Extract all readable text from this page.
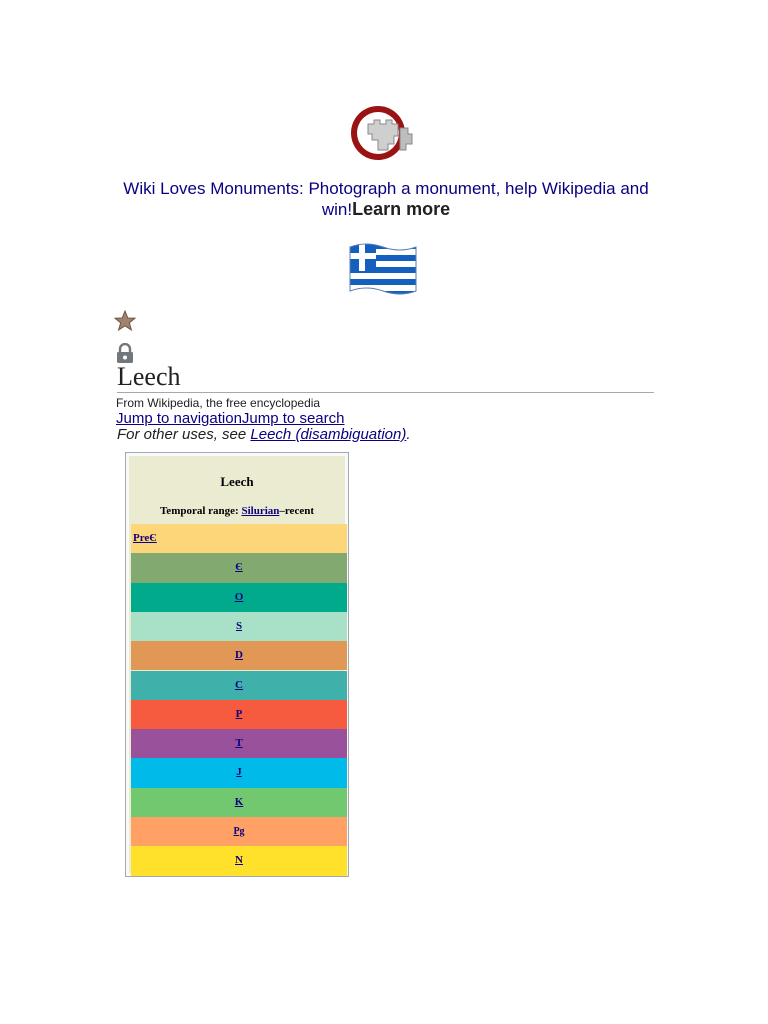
Wiki Loves Monuments: Photograph a monument, help Wikipedia and win!Learn more
Leech
From Wikipedia, the free encyclopedia
Jump to navigationJump to search
For other uses, see Leech (disambiguation).
Leech
Temporal range: Silurian–recent
PreЄ
Є
O
S
D
C
P
T
J
K
Pg
N
